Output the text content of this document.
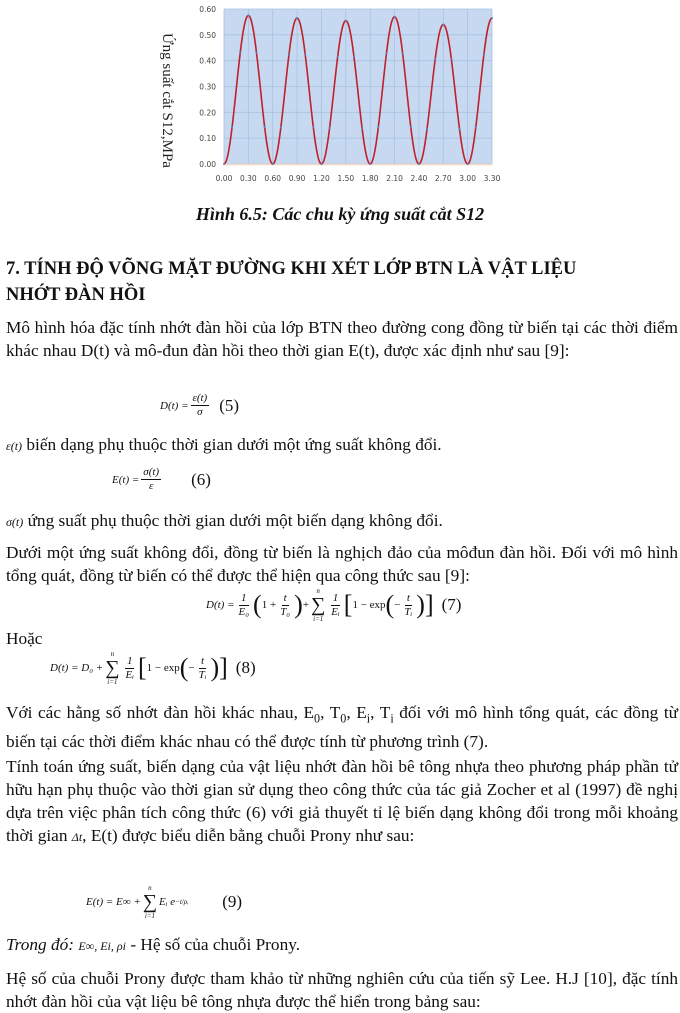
0.00
0.10
0.20
0.30
0.40
0.50
0.60
0.00 0.30 0.60 0.90 1.20 1.50 1.80 2.10 2.40 2.70 3.00 3.30
Ứng suất cắt S12,MPa
Hình 6.5: Các chu kỳ ứng suất cắt S12
7. TÍNH ĐỘ VÕNG MẶT ĐƯỜNG KHI XÉT LỚP BTN LÀ VẬT LIỆU
NHỚT ĐÀN HỒI
Mô hình hóa đặc tính nhớt đàn hồi của lớp BTN theo đường cong đồng từ biến tại các thời điểm khác nhau D(t) và mô-đun đàn hồi theo thời gian E(t), được xác định như sau [9]:
$D(t) = \frac{\varepsilon(t)}{\sigma} (5)$
ε(t) biến dạng phụ thuộc thời gian dưới một ứng suất không đổi.
$E(t) = \frac{\sigma(t)}{\varepsilon} (6)$
σ(t) ứng suất phụ thuộc thời gian dưới một biến dạng không đổi.
Dưới một ứng suất không đổi, đồng từ biến là nghịch đảo của môđun đàn hồi. Đối với mô hình tổng quát, đồng từ biến có thể được thể hiện qua công thức sau [9]:
$D(t) = \frac{1}{\text{E₀}}$ ( $1 + \frac{t}{\text{T₀}}$ ) +
n
∑
i=1
$\frac{1}{\text{Eᵢ}}$ [ 1 − exp ( − $\frac{t}{\text{Tᵢ}}$ ) ] (7)
Hoặc
D(t) = D₀ +
n
∑
i=1
$\frac{1}{\text{Eᵢ}}$ [ 1 − exp ( − $\frac{t}{\text{Tᵢ}}$ ) ] (8)
Với các hằng số nhớt đàn hồi khác nhau, $E_0$, $T_0$, $E_i$, $T_i$ đối với mô hình tổng quát, các đồng từ biến tại các thời điểm khác nhau có thể được tính từ phương trình (7).
Tính toán ứng suất, biến dạng của vật liệu nhớt đàn hồi bê tông nhựa theo phương pháp phần tử hữu hạn phụ thuộc vào thời gian sử dụng theo công thức của tác giả Zocher et al (1997) đề nghị dựa trên việc phân tích công thức (6) với giả thuyết tỉ lệ biến dạng không đổi trong mỗi khoảng thời gian Δt, E(t) được biểu diễn bằng chuỗi Prony như sau:
E(t) = E∞ +
n
∑
i=1
Eᵢ e −t/ρᵢ (9)
Trong đó: E∞, Ei, ρi - Hệ số của chuỗi Prony.
Hệ số của chuỗi Prony được tham khảo từ những nghiên cứu của tiến sỹ Lee. H.J [10], đặc tính nhớt đàn hồi của vật liệu bê tông nhựa được thể hiển trong bảng sau:
